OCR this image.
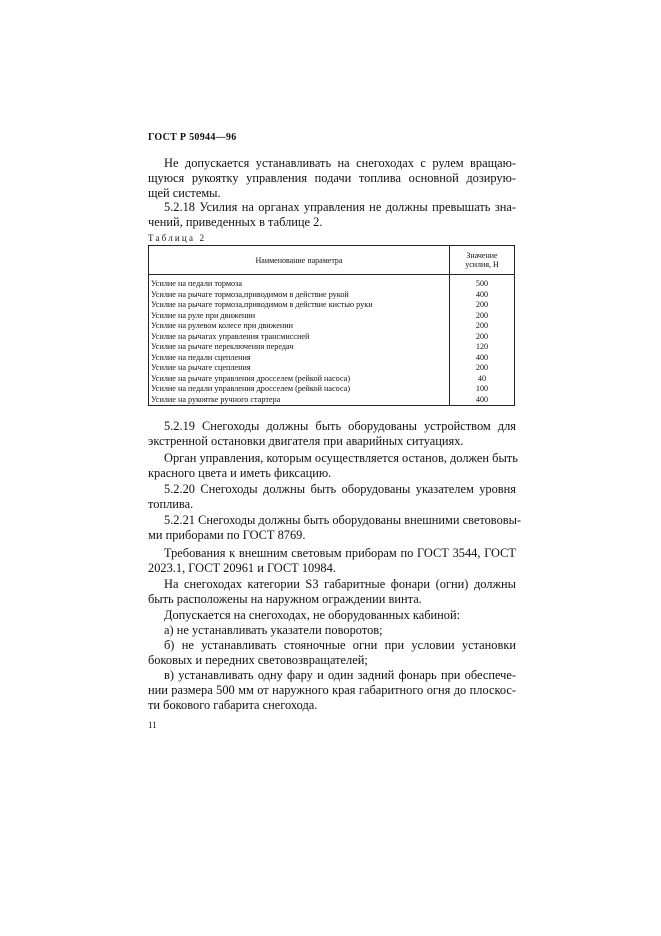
ГОСТ Р 50944—96

Не допускается устанавливать на снегоходах с рулем вращаю-
щуюся рукоятку управления подачи топлива основной дозирую-
щей системы.

5.2.18 Усилия на органах управления не должны превышать зна-
чений, приведенных в таблице 2.

Таблица 2
Наименование параметра	Значение
усилия, Н
Усилие на педали тормоза	500
Усилие на рычаге тормоза,приводимом в действие рукой	400
Усилие на рычаге тормоза,приводимом в действие кистью руки	200
Усилие на руле при движении	200
Усилие на рулевом колесе при движении	200
Усилие на рычагах управления трансмиссией	200
Усилие на рычаге переключения передач	120
Усилие на педали сцепления	400
Усилие на рычаге сцепления	200
Усилие на рычаге управления дросселем (рейкой насоса)	40
Усилие на педали управления дросселем (рейкой насоса)	100
Усилие на рукоятке ручного стартера	400

5.2.19 Снегоходы должны быть оборудованы устройством для
экстренной остановки двигателя при аварийных ситуациях.

Орган управления, которым осуществляется останов, должен быть
красного цвета и иметь фиксацию.

5.2.20 Снегоходы должны быть оборудованы указателем уровня
топлива.

5.2.21 Снегоходы должны быть оборудованы внешними светововы-
ми приборами по ГОСТ 8769.

Требования к внешним световым приборам по ГОСТ 3544, ГОСТ
2023.1, ГОСТ 20961 и ГОСТ 10984.

На снегоходах категории S3 габаритные фонари (огни) должны
быть расположены на наружном ограждении винта.

Допускается на снегоходах, не оборудованных кабиной:

а) не устанавливать указатели поворотов;

б) не устанавливать стояночные огни при условии установки
боковых и передних световозвращателей;

в) устанавливать одну фару и один задний фонарь при обеспече-
нии размера 500 мм от наружного края габаритного огня до плоскос-
ти бокового габарита снегохода.

11
